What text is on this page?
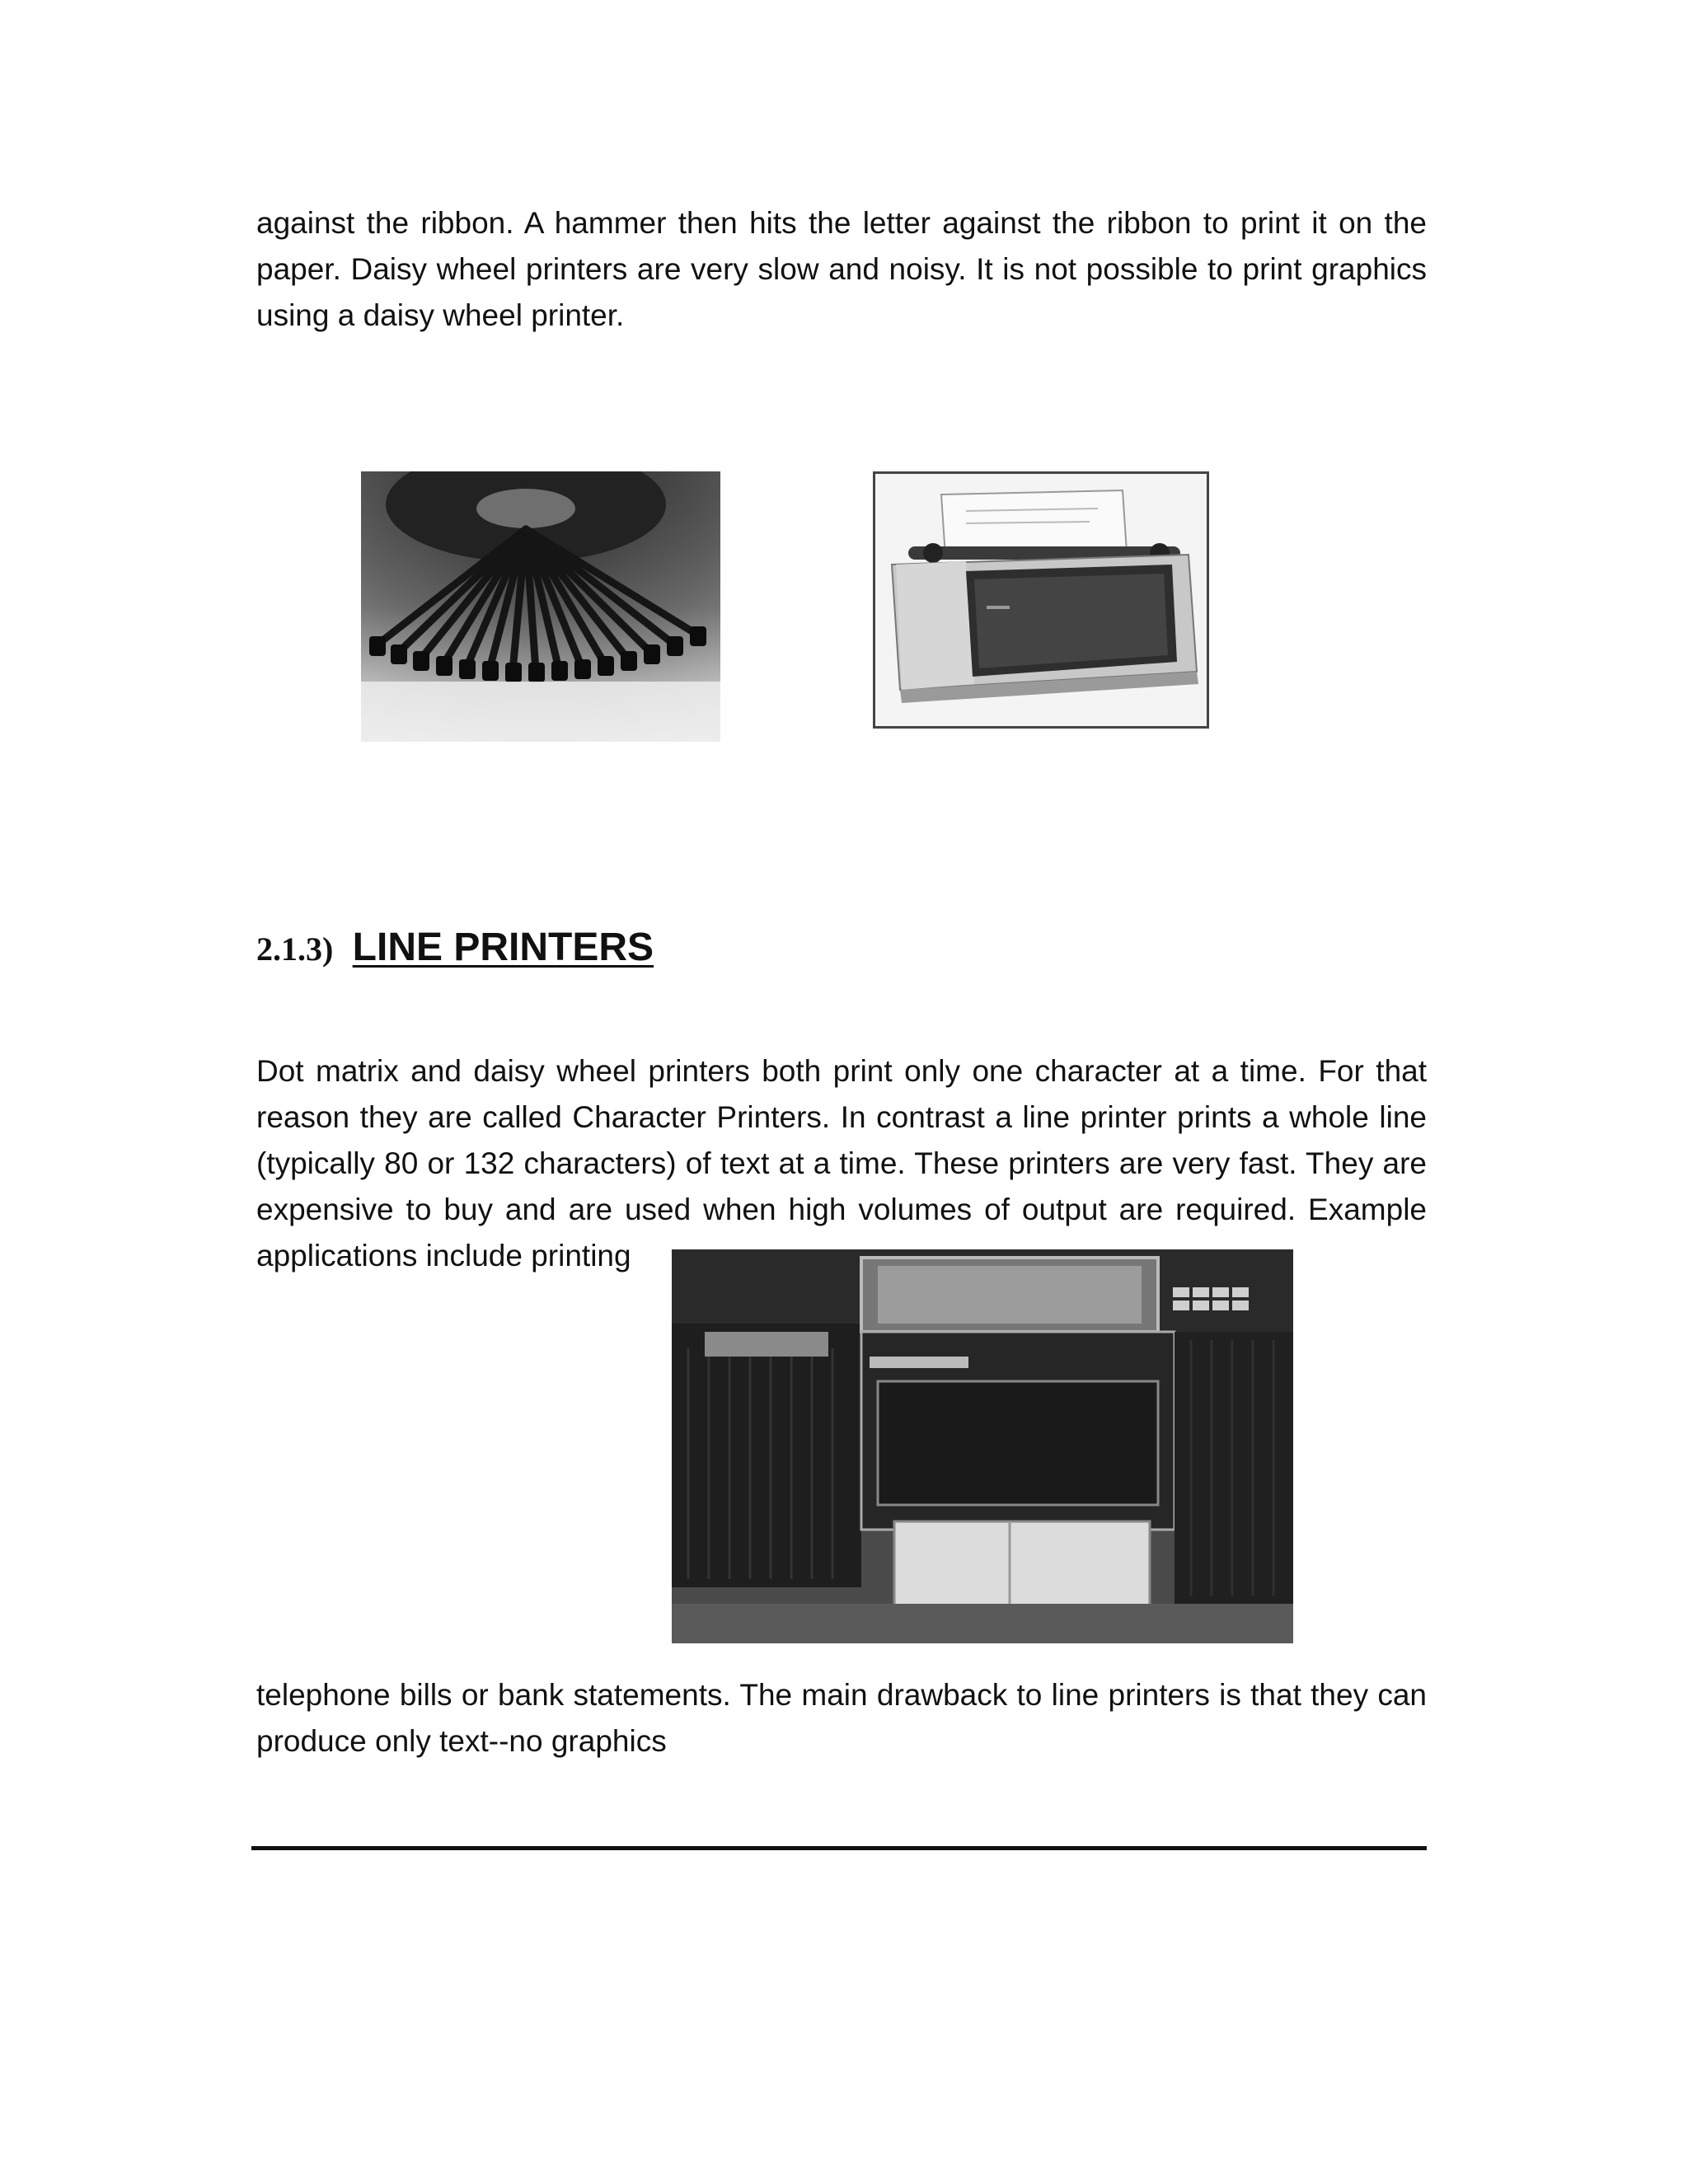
against the ribbon. A hammer then hits the letter against the ribbon to print it on the paper. Daisy wheel printers are very slow and noisy. It is not possible to print graphics using a daisy wheel printer.

2.1.3) LINE PRINTERS

Dot matrix and daisy wheel printers both print only one character at a time. For that reason they are called Character Printers. In contrast a line printer prints a whole line (typically 80 or 132 characters) of text at a time. These printers are very fast. They are expensive to buy and are used when high volumes of output are required. Example applications include printing

telephone bills or bank statements. The main drawback to line printers is that they can produce only text--no graphics
